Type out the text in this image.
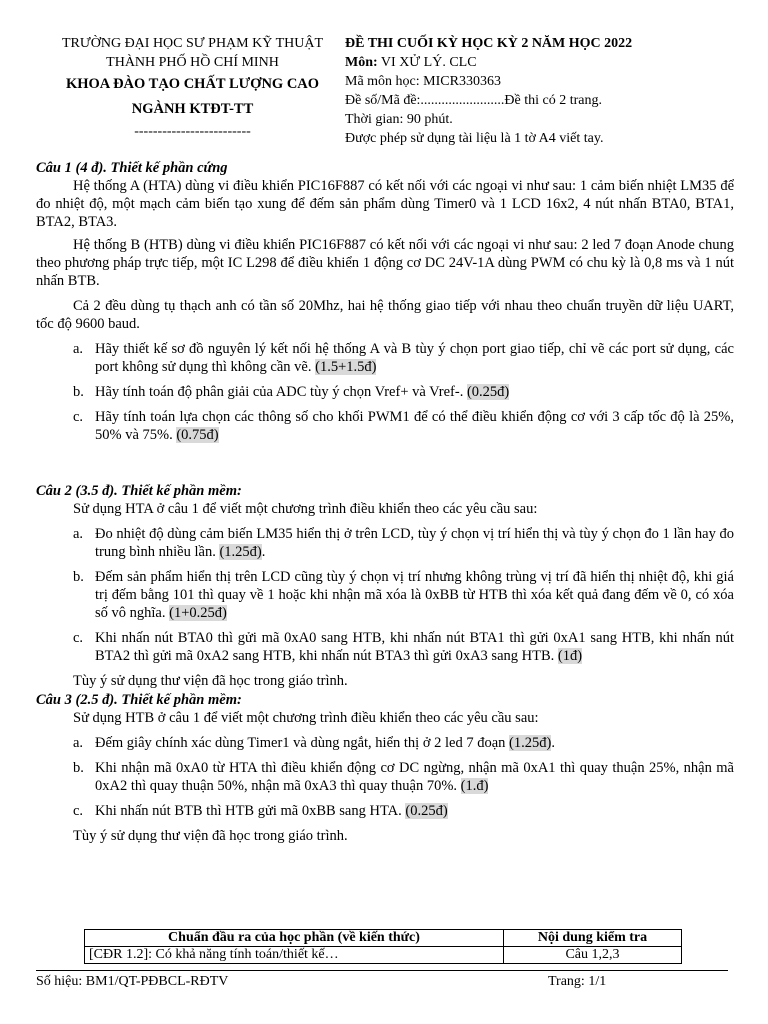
TRƯỜNG ĐẠI HỌC SƯ PHẠM KỸ THUẬT
THÀNH PHỐ HỒ CHÍ MINH
KHOA ĐÀO TẠO CHẤT LƯỢNG CAO
NGÀNH KTĐT-TT
-------------------------
ĐỀ THI CUỐI KỲ HỌC KỲ 2 NĂM HỌC 2022
Môn: VI XỬ LÝ. CLC
Mã môn học: MICR330363
Đề số/Mã đề:........................Đề thi có 2 trang.
Thời gian: 90 phút.
Được phép sử dụng tài liệu là 1 tờ A4 viết tay.

Câu 1 (4 đ). Thiết kế phần cứng

Hệ thống A (HTA) dùng vi điều khiển PIC16F887 có kết nối với các ngoại vi như sau: 1 cảm biến nhiệt LM35 để đo nhiệt độ, một mạch cảm biến tạo xung để đếm sản phẩm dùng Timer0 và 1 LCD 16x2, 4 nút nhấn BTA0, BTA1, BTA2, BTA3.

Hệ thống B (HTB) dùng vi điều khiển PIC16F887 có kết nối với các ngoại vi như sau: 2 led 7 đoạn Anode chung theo phương pháp trực tiếp, một IC L298 để điều khiển 1 động cơ DC 24V-1A dùng PWM có chu kỳ là 0,8 ms và 1 nút nhấn BTB.

Cả 2 đều dùng tụ thạch anh có tần số 20Mhz, hai hệ thống giao tiếp với nhau theo chuẩn truyền dữ liệu UART, tốc độ 9600 baud.

a. Hãy thiết kế sơ đồ nguyên lý kết nối hệ thống A và B tùy ý chọn port giao tiếp, chỉ vẽ các port sử dụng, các port không sử dụng thì không cần vẽ. (1.5+1.5đ)
b. Hãy tính toán độ phân giải của ADC tùy ý chọn Vref+ và Vref-. (0.25đ)
c. Hãy tính toán lựa chọn các thông số cho khối PWM1 để có thể điều khiển động cơ với 3 cấp tốc độ là 25%, 50% và 75%. (0.75đ)

Câu 2 (3.5 đ). Thiết kế phần mềm:

Sử dụng HTA ở câu 1 để viết một chương trình điều khiển theo các yêu cầu sau:

a. Đo nhiệt độ dùng cảm biến LM35 hiển thị ở trên LCD, tùy ý chọn vị trí hiển thị và tùy ý chọn đo 1 lần hay đo trung bình nhiều lần. (1.25đ).
b. Đếm sản phẩm hiển thị trên LCD cũng tùy ý chọn vị trí nhưng không trùng vị trí đã hiển thị nhiệt độ, khi giá trị đếm bằng 101 thì quay về 1 hoặc khi nhận mã xóa là 0xBB từ HTB thì xóa kết quả đang đếm về 0, có xóa số vô nghĩa. (1+0.25đ)
c. Khi nhấn nút BTA0 thì gửi mã 0xA0 sang HTB, khi nhấn nút BTA1 thì gửi 0xA1 sang HTB, khi nhấn nút BTA2 thì gửi mã 0xA2 sang HTB, khi nhấn nút BTA3 thì gửi 0xA3 sang HTB. (1đ)

Tùy ý sử dụng thư viện đã học trong giáo trình.

Câu 3 (2.5 đ). Thiết kế phần mềm:

Sử dụng HTB ở câu 1 để viết một chương trình điều khiển theo các yêu cầu sau:

a. Đếm giây chính xác dùng Timer1 và dùng ngắt, hiển thị ở 2 led 7 đoạn (1.25đ).
b. Khi nhận mã 0xA0 từ HTA thì điều khiển động cơ DC ngừng, nhận mã 0xA1 thì quay thuận 25%, nhận mã 0xA2 thì quay thuận 50%, nhận mã 0xA3 thì quay thuận 70%. (1.đ)
c. Khi nhấn nút BTB thì HTB gửi mã 0xBB sang HTA. (0.25đ)

Tùy ý sử dụng thư viện đã học trong giáo trình.

Chuẩn đầu ra của học phần (về kiến thức)	Nội dung kiểm tra
[CĐR 1.2]: Có khả năng tính toán/thiết kế…	Câu 1,2,3
Số hiệu: BM1/QT-PĐBCL-RĐTV	Trang: 1/1
